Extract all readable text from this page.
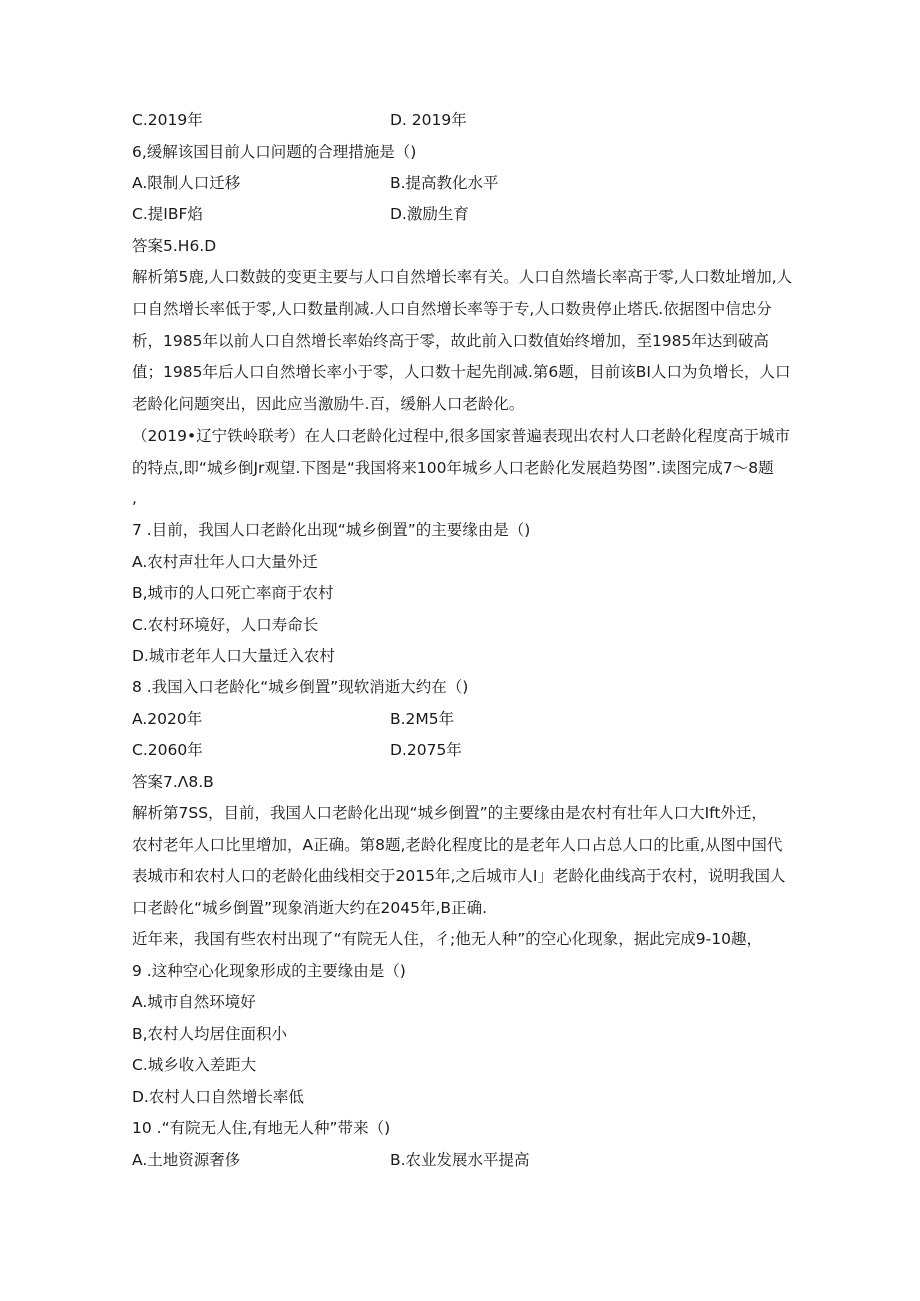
C.2019年	D. 2019年

6,缓解该国目前人口问题的合理措施是（)

A.限制人口迁移	B.提高教化水平

C.提IBF焰	D.激励生育

答案5.H6.D

解析第5鹿,人口数鼓的变更主要与人口自然增长率有关。人口自然墙长率高于零,人口数址增加,人

口自然增长率低于零,人口数量削减.人口自然增长率等于专,人口数贵停止塔氏.依据图中信忠分

析，1985年以前人口自然增长率始终高于零，故此前入口数值始终增加，至1985年达到破高

值；1985年后人口自然增长率小于零，人口数十起先削减.第6题，目前该BI人口为负增长，人口

老龄化问题突出，因此应当激励牛.百，缓斛人口老龄化。

（2019•辽宁铁岭联考）在人口老龄化过程中,很多国家普遍表现出农村人口老龄化程度高于城市

的特点,即“城乡倒Jr观望.下图是“我国将来100年城乡人口老龄化发展趋势图”.读图完成7〜8题

,

7 .目前，我国人口老龄化出现“城乡倒置”的主要缘由是（)

A.农村声壮年人口大量外迁

B,城市的人口死亡率商于农村

C.农村环境好，人口寿命长

D.城市老年人口大量迁入农村

8 .我国入口老龄化“城乡倒置”现软消逝大约在（)

A.2020年	B.2M5年

C.2060年	D.2075年

答案7.Λ8.B

解析第7SS，目前，我国人口老龄化出现“城乡倒置”的主要缘由是农村有壮年人口大Ift外迁，

农村老年人口比里增加，A正确。第8题,老龄化程度比的是老年人口占总人口的比重,从图中国代

表城市和农村人口的老龄化曲线相交于2015年,之后城市人I」老龄化曲线高于农村，说明我国人

口老龄化“城乡倒置”现象消逝大约在2045年,B正确.

近年来，我国有些农村出现了“有院无人住，彳;他无人种”的空心化现象，据此完成9-10趣，

9 .这种空心化现象形成的主要缘由是（)

A.城市自然环境好

B,农村人均居住面积小

C.城乡收入差距大

D.农村人口自然增长率低

10 .“有院无人住,有地无人种”带来（)

A.土地资源奢侈	B.农业发展水平提高
